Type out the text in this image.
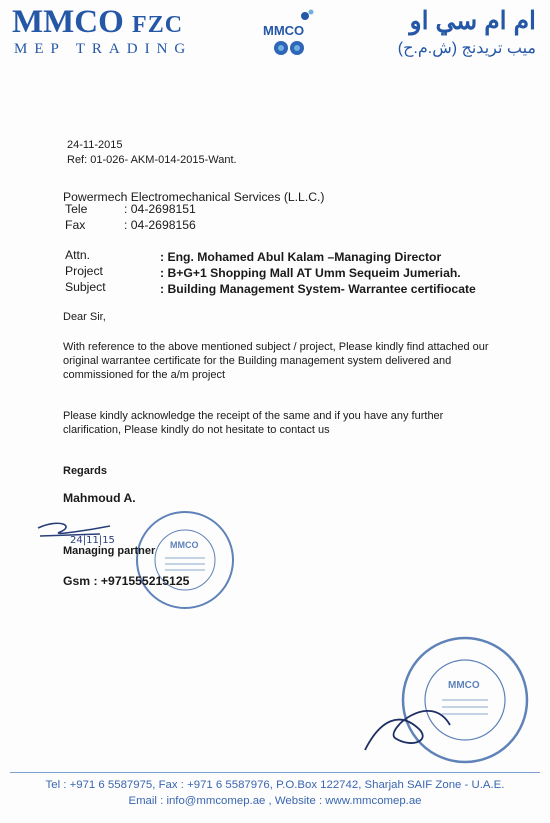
MMCO FZC
MEP TRADING
MMCO	ام ام سي او
ميب تريدنج (ش.م.ح)
24-11-2015
Ref: 01-026- AKM-014-2015-Want.
Powermech Electromechanical Services (L.L.C.)
Tele	: 04-2698151
Fax	: 04-2698156
Attn.	: Eng. Mohamed Abul Kalam –Managing Director
Project	: B+G+1 Shopping Mall AT Umm Sequeim Jumeriah.
Subject	: Building Management System- Warrantee certifiocate
Dear Sir,
With reference to the above mentioned subject / project, Please kindly find attached our
original warrantee certificate for the Building management system delivered and
commissioned for the a/m project
Please kindly acknowledge the receipt of the same and if you have any further
clarification, Please kindly do not hesitate to contact us
Regards
Mahmoud A.
MMCO
24|11|15
Managing partner
Gsm : +971555215125
MMCO
Tel : +971 6 5587975, Fax : +971 6 5587976, P.O.Box 122742, Sharjah SAIF Zone - U.A.E.
Email : info@mmcomep.ae , Website : www.mmcomep.ae
